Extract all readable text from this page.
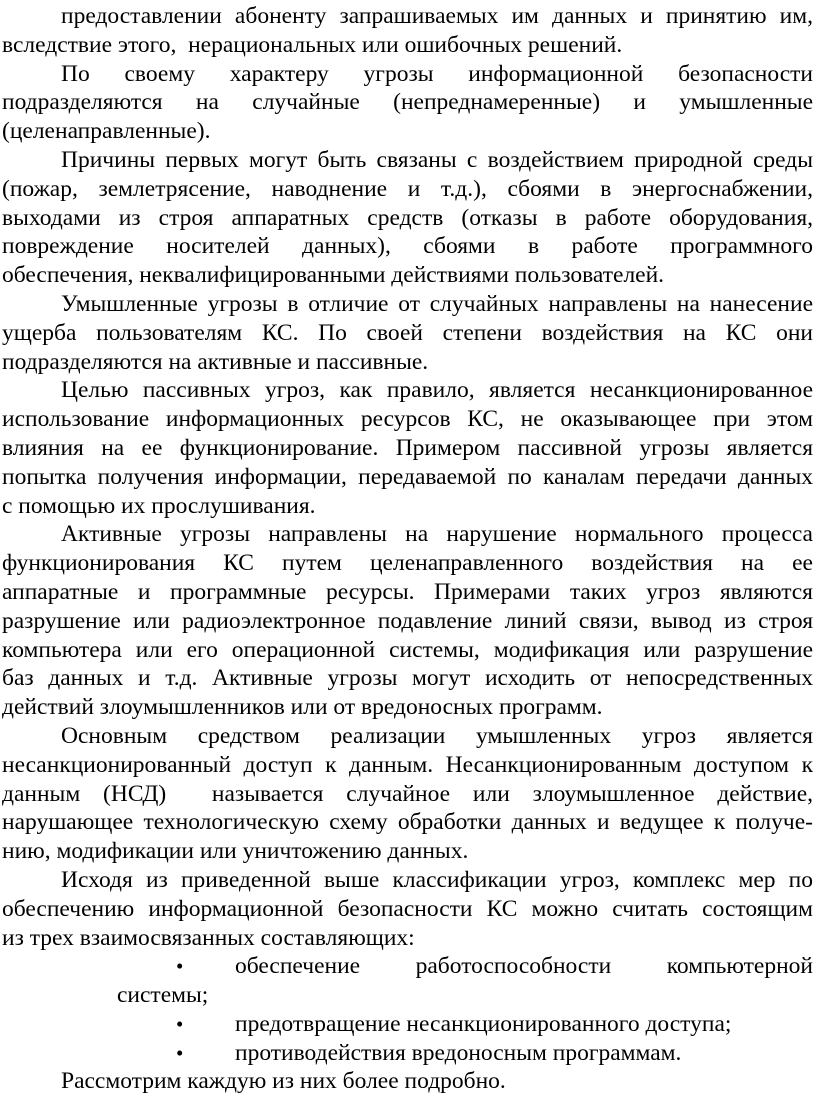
предоставлении абоненту запрашиваемых им данных и принятию им,
вследствие этого,  нерациональных или ошибочных решений.
По своему характеру угрозы информационной безопасности
подразделяются на случайные (непреднамеренные) и умышленные
(целенаправленные).
Причины первых могут быть связаны с воздействием природной среды
(пожар, землетрясение, наводнение и т.д.), сбоями в энергоснабжении,
выходами из строя аппаратных средств (отказы в работе оборудования,
повреждение носителей данных), сбоями в работе программного
обеспечения, неквалифицированными действиями пользователей.
Умышленные угрозы в отличие от случайных направлены на нанесение
ущерба пользователям КС. По своей степени воздействия на КС они
подразделяются на активные и пассивные.
Целью пассивных угроз, как правило, является несанкционированное
использование информационных ресурсов КС, не оказывающее при этом
влияния на ее функционирование. Примером пассивной угрозы является
попытка получения информации, передаваемой по каналам передачи данных
с помощью их прослушивания.
Активные угрозы направлены на нарушение нормального процесса
функционирования КС путем целенаправленного воздействия на ее
аппаратные и программные ресурсы. Примерами таких угроз являются
разрушение или радиоэлектронное подавление линий связи, вывод из строя
компьютера или его операционной системы, модификация или разрушение
баз данных и т.д. Активные угрозы могут исходить от непосредственных
действий злоумышленников или от вредоносных программ.
Основным средством реализации умышленных угроз является
несанкционированный доступ к данным. Несанкционированным доступом к
данным (НСД)  называется случайное или злоумышленное действие,
нарушающее технологическую схему обработки данных и ведущее к получе-
нию, модификации или уничтожению данных.
Исходя из приведенной выше классификации угроз, комплекс мер по
обеспечению информационной безопасности КС можно считать состоящим
из трех взаимосвязанных составляющих:
• обеспечение работоспособности компьютерной
системы;
• предотвращение несанкционированного доступа;
• противодействия вредоносным программам.
Рассмотрим каждую из них более подробно.
